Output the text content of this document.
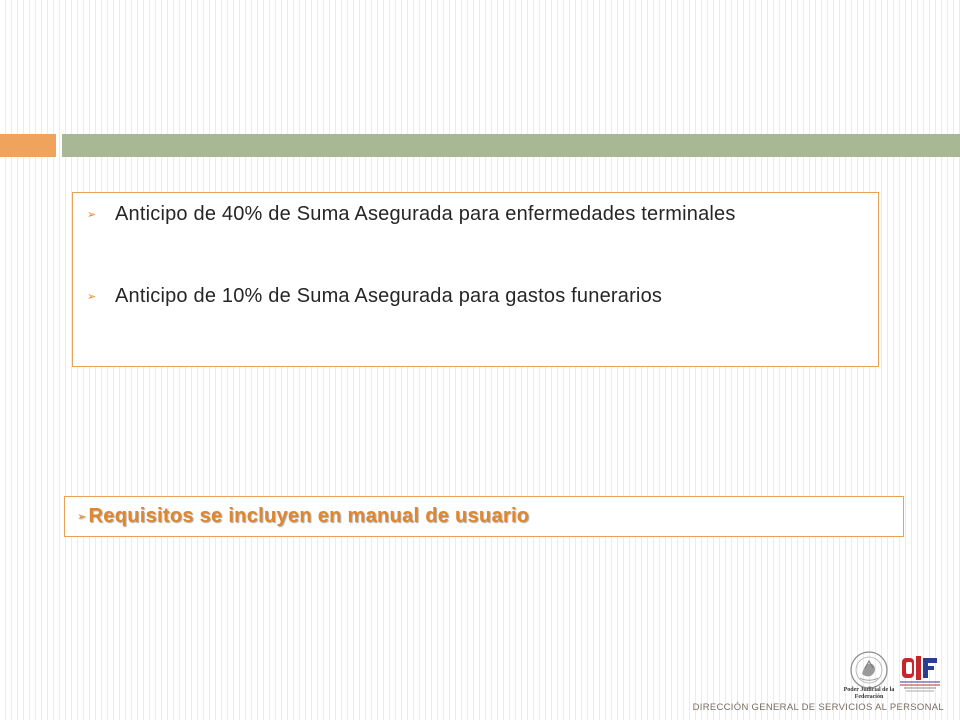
➢ Anticipo de 40% de Suma Asegurada para enfermedades terminales
➢ Anticipo de 10% de Suma Asegurada para gastos funerarios
➢ Requisitos se incluyen en manual de usuario
Poder Judicial de la Federación
DIRECCIÓN GENERAL DE SERVICIOS AL PERSONAL
